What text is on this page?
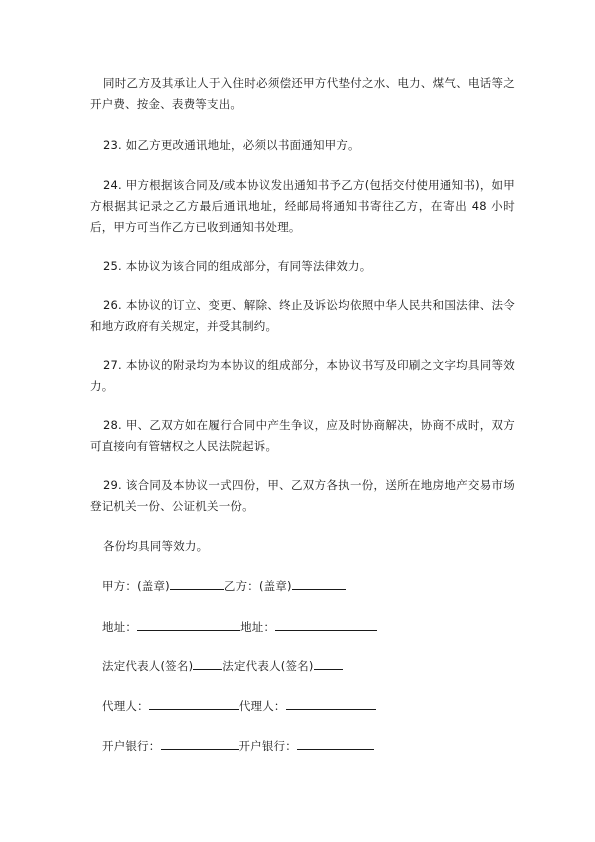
同时乙方及其承让人于入住时必须偿还甲方代垫付之水、电力、煤气、电话等之开户费、按金、表费等支出。

23. 如乙方更改通讯地址，必须以书面通知甲方。

24. 甲方根据该合同及/或本协议发出通知书予乙方(包括交付使用通知书)，如甲方根据其记录之乙方最后通讯地址，经邮局将通知书寄往乙方，在寄出 48 小时后，甲方可当作乙方已收到通知书处理。

25. 本协议为该合同的组成部分，有同等法律效力。

26. 本协议的订立、变更、解除、终止及诉讼均依照中华人民共和国法律、法令和地方政府有关规定，并受其制约。

27. 本协议的附录均为本协议的组成部分，本协议书写及印刷之文字均具同等效力。

28. 甲、乙双方如在履行合同中产生争议，应及时协商解决，协商不成时，双方可直接向有管辖权之人民法院起诉。

29. 该合同及本协议一式四份，甲、乙双方各执一份，送所在地房地产交易市场登记机关一份、公证机关一份。

各份均具同等效力。

甲方：(盖章)	乙方：(盖章)
地址：	地址：
法定代表人(签名)	法定代表人(签名)
代理人：	代理人：
开户银行：	开户银行：
